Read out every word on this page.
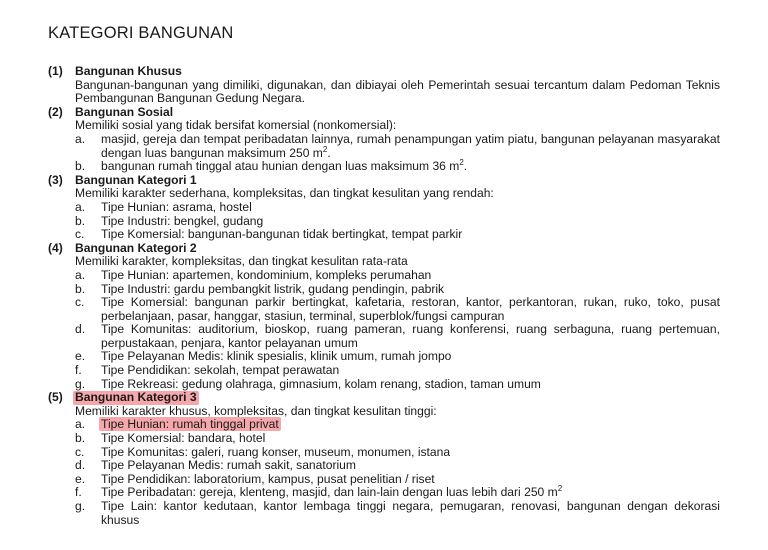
KATEGORI BANGUNAN
(1) Bangunan Khusus
Bangunan-bangunan yang dimiliki, digunakan, dan dibiayai oleh Pemerintah sesuai tercantum dalam Pedoman Teknis Pembangunan Bangunan Gedung Negara.
(2) Bangunan Sosial
Memiliki sosial yang tidak bersifat komersial (nonkomersial):
a. masjid, gereja dan tempat peribadatan lainnya, rumah penampungan yatim piatu, bangunan pelayanan masyarakat dengan luas bangunan maksimum 250 $m^2$.
b. bangunan rumah tinggal atau hunian dengan luas maksimum 36 $m^2$.
(3) Bangunan Kategori 1
Memiliki karakter sederhana, kompleksitas, dan tingkat kesulitan yang rendah:
a. Tipe Hunian: asrama, hostel
b. Tipe Industri: bengkel, gudang
c. Tipe Komersial: bangunan-bangunan tidak bertingkat, tempat parkir
(4) Bangunan Kategori 2
Memiliki karakter, kompleksitas, dan tingkat kesulitan rata-rata
a. Tipe Hunian: apartemen, kondominium, kompleks perumahan
b. Tipe Industri: gardu pembangkit listrik, gudang pendingin, pabrik
c. Tipe Komersial: bangunan parkir bertingkat, kafetaria, restoran, kantor, perkantoran, rukan, ruko, toko, pusat perbelanjaan, pasar, hanggar, stasiun, terminal, superblok/fungsi campuran
d. Tipe Komunitas: auditorium, bioskop, ruang pameran, ruang konferensi, ruang serbaguna, ruang pertemuan, perpustakaan, penjara, kantor pelayanan umum
e. Tipe Pelayanan Medis: klinik spesialis, klinik umum, rumah jompo
f. Tipe Pendidikan: sekolah, tempat perawatan
g. Tipe Rekreasi: gedung olahraga, gimnasium, kolam renang, stadion, taman umum
(5) Bangunan Kategori 3
Memiliki karakter khusus, kompleksitas, dan tingkat kesulitan tinggi:
a. Tipe Hunian: rumah tinggal privat
b. Tipe Komersial: bandara, hotel
c. Tipe Komunitas: galeri, ruang konser, museum, monumen, istana
d. Tipe Pelayanan Medis: rumah sakit, sanatorium
e. Tipe Pendidikan: laboratorium, kampus, pusat penelitian / riset
f. Tipe Peribadatan: gereja, klenteng, masjid, dan lain-lain dengan luas lebih dari 250 $m^2$
g. Tipe Lain: kantor kedutaan, kantor lembaga tinggi negara, pemugaran, renovasi, bangunan dengan dekorasi khusus
